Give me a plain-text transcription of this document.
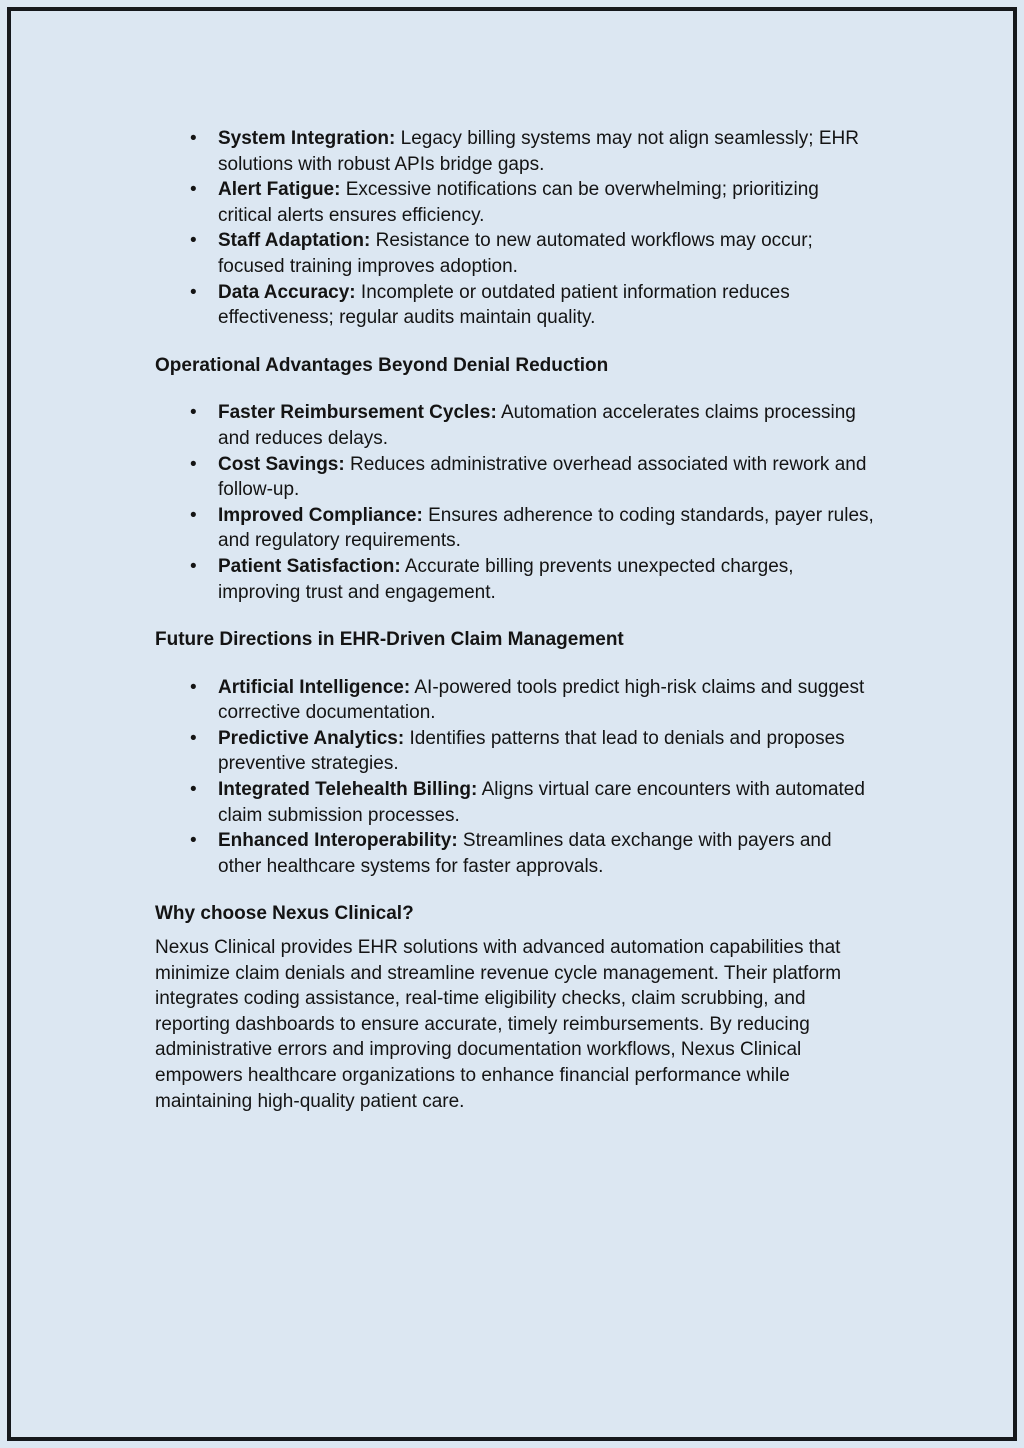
• System Integration: Legacy billing systems may not align seamlessly; EHR solutions with robust APIs bridge gaps.
• Alert Fatigue: Excessive notifications can be overwhelming; prioritizing critical alerts ensures efficiency.
• Staff Adaptation: Resistance to new automated workflows may occur; focused training improves adoption.
• Data Accuracy: Incomplete or outdated patient information reduces effectiveness; regular audits maintain quality.
Operational Advantages Beyond Denial Reduction
• Faster Reimbursement Cycles: Automation accelerates claims processing and reduces delays.
• Cost Savings: Reduces administrative overhead associated with rework and follow-up.
• Improved Compliance: Ensures adherence to coding standards, payer rules, and regulatory requirements.
• Patient Satisfaction: Accurate billing prevents unexpected charges, improving trust and engagement.
Future Directions in EHR-Driven Claim Management
• Artificial Intelligence: AI-powered tools predict high-risk claims and suggest corrective documentation.
• Predictive Analytics: Identifies patterns that lead to denials and proposes preventive strategies.
• Integrated Telehealth Billing: Aligns virtual care encounters with automated claim submission processes.
• Enhanced Interoperability: Streamlines data exchange with payers and other healthcare systems for faster approvals.
Why choose Nexus Clinical?

Nexus Clinical provides EHR solutions with advanced automation capabilities that minimize claim denials and streamline revenue cycle management. Their platform integrates coding assistance, real-time eligibility checks, claim scrubbing, and reporting dashboards to ensure accurate, timely reimbursements. By reducing administrative errors and improving documentation workflows, Nexus Clinical empowers healthcare organizations to enhance financial performance while maintaining high-quality patient care.
